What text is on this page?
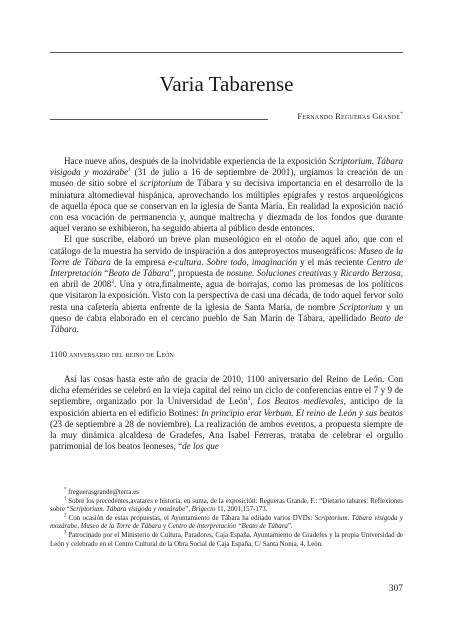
Varia Tabarense
Fernando Regueras Grande*

Hace nueve años, después de la inolvidable experiencia de la exposición Scriptorium. Tábara visigoda y mozárabe$^1$ (31 de julio a 16 de septiembre de 2001), urgíamos la creación de un museo de sitio sobre el scriptorium de Tábara y su decisiva importancia en el desarrollo de la miniatura altomedieval hispánica, aprovechando los múltiples epígrafes y restos arqueológicos de aquella época que se conservan en la iglesia de Santa María. En realidad la exposición nació con esa vocación de permanencia y, aunque maltrecha y diezmada de los fondos que durante aquel verano se exhibieron, ha seguido abierta al público desde entonces.

El que suscribe, elaboró un breve plan museológico en el otoño de aquel año, que con el catálogo de la muestra ha servido de inspiración a dos anteproyectos museográficos: Museo de la Torre de Tábara de la empresa e-cultura. Sobre todo, imaginación y el más reciente Centro de Interpretación “Beato de Tábara”, propuesta de nosune. Soluciones creativas y Ricardo Berzosa, en abril de 2008$^2$. Una y otra,finalmente, agua de borrajas, como las promesas de los políticos que visitaron la exposición. Visto con la perspectiva de casi una década, de todo aquel fervor solo resta una cafetería abierta enfrente de la iglesia de Santa María, de nombre Scriptorium y un queso de cabra elaborado en el cercano pueblo de San Marín de Tábara, apellidado Beato de Tábara.

1100 aniversario del reino de León

Así las cosas hasta este año de gracia de 2010, 1100 aniversario del Reino de León. Con dicha efemérides se celebró en la vieja capital del reino un ciclo de conferencias entre el 7 y 9 de septiembre, organizado por la Universidad de León$^3$, Los Beatos medievales, anticipo de la exposición abierta en el edificio Botines: In principio erat Verbum. El reino de León y sus beatos (23 de septiembre a 28 de noviembre). La realización de ambos eventos, a propuesta siempre de la muy dinámica alcaldesa de Gradefes, Ana Isabel Ferreras, trataba de celebrar el orgullo patrimonial de los beatos leoneses, “de los que

* freguerasgrande@terra.es

$^1$ Sobre los precedentes,avatares e historia, en suma, de la exposición: Regueras Grande, F.: “Dietario tabares: Reflexiones sobre “Scriptorium. Tábara visigoda y mozárabe”, Brigecio 11, 2001,157-173.

$^2$ Con ocasión de estas propuestas, el Ayuntamiento de Tábara ha editado varios DVDs: Scriptorium. Tábara visigoda y mozárabe, Museo de la Torre de Tábara y Centro de interpretación “Beato de Tábara”.

$^3$ Patrocinado por el Ministerio de Cultura, Paradores, Caja España, Ayuntamiento de Gradefes y la propia Universidad de León y celebrado en el Centro Cultural de la Obra Social de Caja España, C/ Santa Nonia, 4, León.

307
